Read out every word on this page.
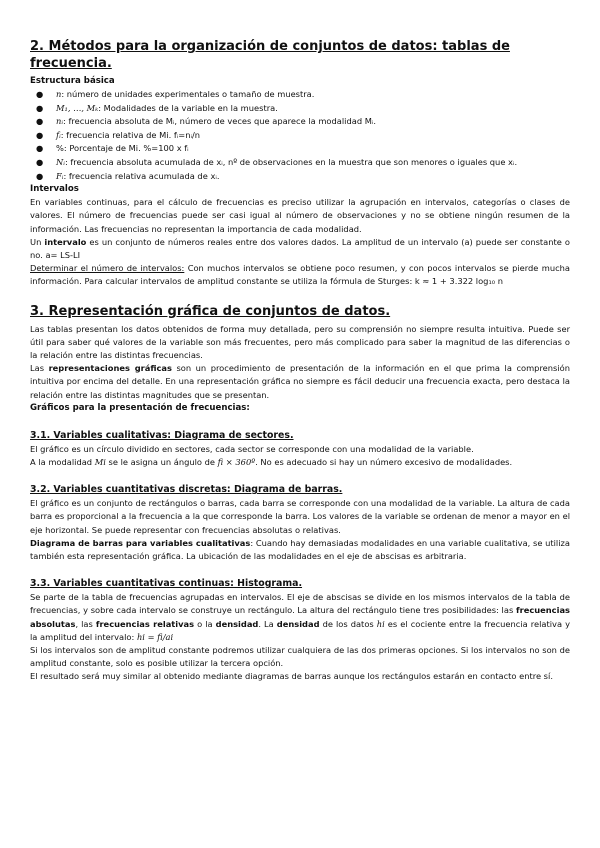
2. Métodos para la organización de conjuntos de datos: tablas de frecuencia.
Estructura básica
● n: número de unidades experimentales o tamaño de muestra.
● M₁, …, Mₖ: Modalidades de la variable en la muestra.
● nᵢ: frecuencia absoluta de Mᵢ, número de veces que aparece la modalidad Mᵢ.
● fᵢ: frecuencia relativa de Mi. fᵢ=nᵢ/n
● %: Porcentaje de Mi. %=100 x fᵢ
● Nᵢ: frecuencia absoluta acumulada de xᵢ, nº de observaciones en la muestra que son menores o iguales que xᵢ.
● Fᵢ: frecuencia relativa acumulada de xᵢ.
Intervalos

En variables continuas, para el cálculo de frecuencias es preciso utilizar la agrupación en intervalos, categorías o clases de valores. El número de frecuencias puede ser casi igual al número de observaciones y no se obtiene ningún resumen de la información. Las frecuencias no representan la importancia de cada modalidad.

Un intervalo es un conjunto de números reales entre dos valores dados. La amplitud de un intervalo (a) puede ser constante o no. a= LS-LI

Determinar el número de intervalos: Con muchos intervalos se obtiene poco resumen, y con pocos intervalos se pierde mucha información. Para calcular intervalos de amplitud constante se utiliza la fórmula de Sturges: k ≈ 1 + 3.322 log₁₀ n

3. Representación gráfica de conjuntos de datos.

Las tablas presentan los datos obtenidos de forma muy detallada, pero su comprensión no siempre resulta intuitiva. Puede ser útil para saber qué valores de la variable son más frecuentes, pero más complicado para saber la magnitud de las diferencias o la relación entre las distintas frecuencias.

Las representaciones gráficas son un procedimiento de presentación de la información en el que prima la comprensión intuitiva por encima del detalle. En una representación gráfica no siempre es fácil deducir una frecuencia exacta, pero destaca la relación entre las distintas magnitudes que se presentan.

Gráficos para la presentación de frecuencias:
3.1. Variables cualitativas: Diagrama de sectores.

El gráfico es un círculo dividido en sectores, cada sector se corresponde con una modalidad de la variable.

A la modalidad Mi se le asigna un ángulo de fi × 360º. No es adecuado si hay un número excesivo de modalidades.

3.2. Variables cuantitativas discretas: Diagrama de barras.

El gráfico es un conjunto de rectángulos o barras, cada barra se corresponde con una modalidad de la variable. La altura de cada barra es proporcional a la frecuencia a la que corresponde la barra. Los valores de la variable se ordenan de menor a mayor en el eje horizontal. Se puede representar con frecuencias absolutas o relativas.

Diagrama de barras para variables cualitativas: Cuando hay demasiadas modalidades en una variable cualitativa, se utiliza también esta representación gráfica. La ubicación de las modalidades en el eje de abscisas es arbitraria.

3.3. Variables cuantitativas continuas: Histograma.

Se parte de la tabla de frecuencias agrupadas en intervalos. El eje de abscisas se divide en los mismos intervalos de la tabla de frecuencias, y sobre cada intervalo se construye un rectángulo. La altura del rectángulo tiene tres posibilidades: las frecuencias absolutas, las frecuencias relativas o la densidad. La densidad de los datos hi es el cociente entre la frecuencia relativa y la amplitud del intervalo: hi = fi/ai

Si los intervalos son de amplitud constante podremos utilizar cualquiera de las dos primeras opciones. Si los intervalos no son de amplitud constante, solo es posible utilizar la tercera opción.

El resultado será muy similar al obtenido mediante diagramas de barras aunque los rectángulos estarán en contacto entre sí.
